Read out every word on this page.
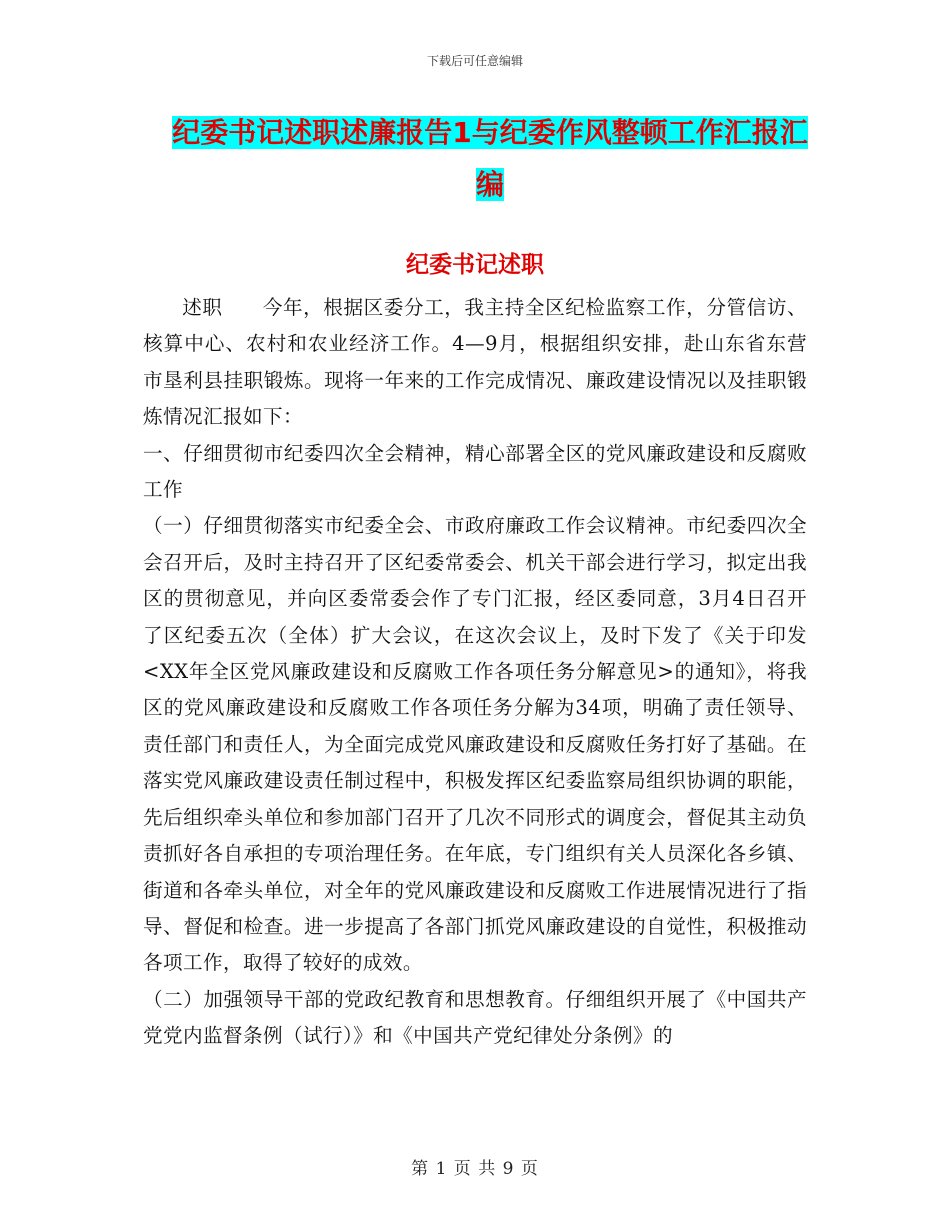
下载后可任意编辑
纪委书记述职述廉报告1与纪委作风整顿工作汇报汇编
纪委书记述职

述职　　今年，根据区委分工，我主持全区纪检监察工作，分管信访、核算中心、农村和农业经济工作。4—9月，根据组织安排，赴山东省东营市垦利县挂职锻炼。现将一年来的工作完成情况、廉政建设情况以及挂职锻炼情况汇报如下：

一、仔细贯彻市纪委四次全会精神，精心部署全区的党风廉政建设和反腐败工作

（一）仔细贯彻落实市纪委全会、市政府廉政工作会议精神。市纪委四次全会召开后，及时主持召开了区纪委常委会、机关干部会进行学习，拟定出我区的贯彻意见，并向区委常委会作了专门汇报，经区委同意，3月4日召开了区纪委五次（全体）扩大会议，在这次会议上，及时下发了《关于印发<XX年全区党风廉政建设和反腐败工作各项任务分解意见>的通知》，将我区的党风廉政建设和反腐败工作各项任务分解为34项，明确了责任领导、责任部门和责任人，为全面完成党风廉政建设和反腐败任务打好了基础。在落实党风廉政建设责任制过程中，积极发挥区纪委监察局组织协调的职能，先后组织牵头单位和参加部门召开了几次不同形式的调度会，督促其主动负责抓好各自承担的专项治理任务。在年底，专门组织有关人员深化各乡镇、街道和各牵头单位，对全年的党风廉政建设和反腐败工作进展情况进行了指导、督促和检查。进一步提高了各部门抓党风廉政建设的自觉性，积极推动各项工作，取得了较好的成效。

（二）加强领导干部的党政纪教育和思想教育。仔细组织开展了《中国共产党党内监督条例（试行）》和《中国共产党纪律处分条例》的

第 1 页 共 9 页
